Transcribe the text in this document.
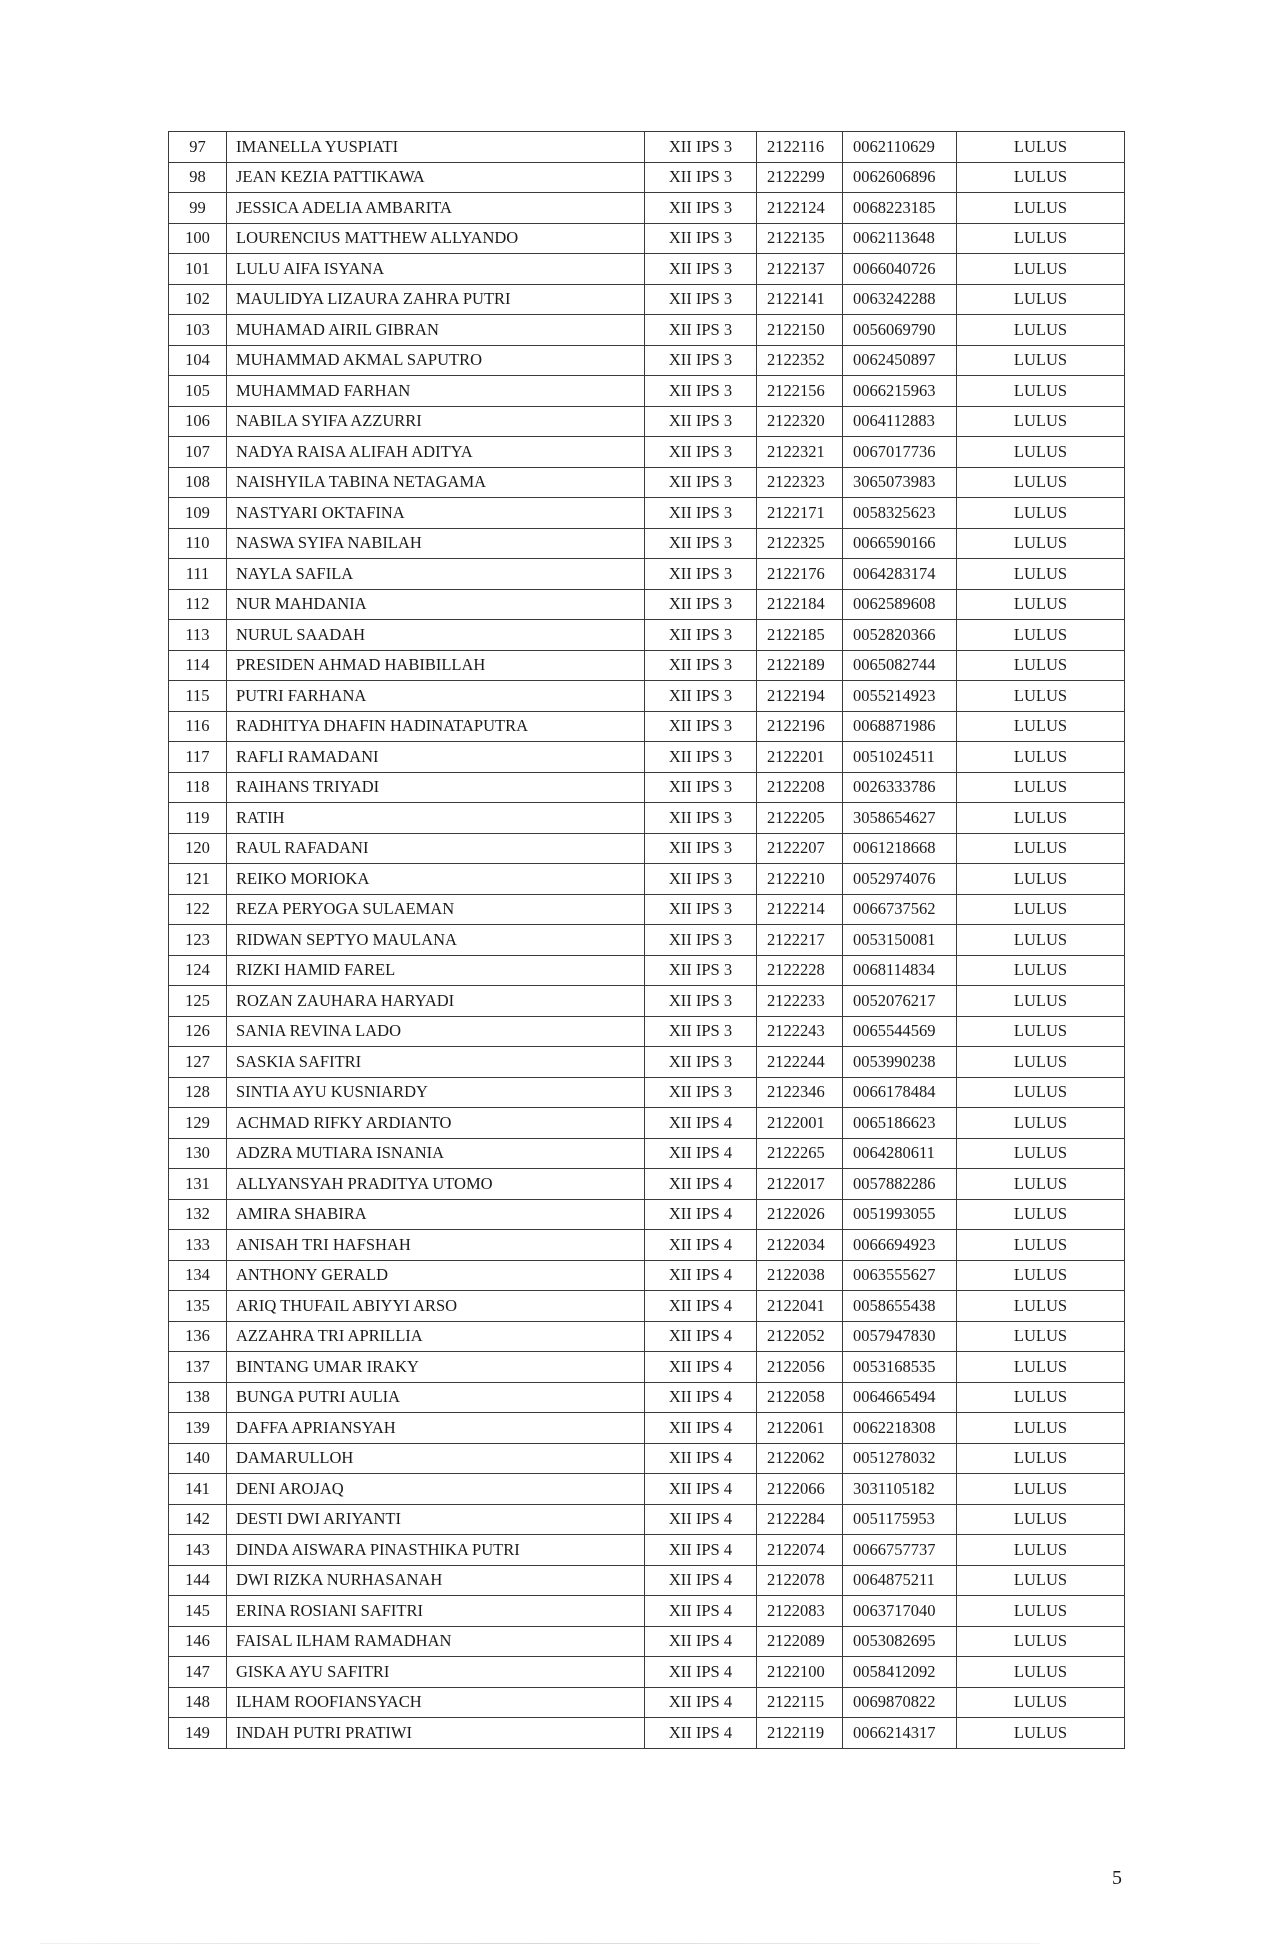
97	IMANELLA YUSPIATI	XII IPS 3	2122116	0062110629	LULUS
98	JEAN KEZIA PATTIKAWA	XII IPS 3	2122299	0062606896	LULUS
99	JESSICA ADELIA AMBARITA	XII IPS 3	2122124	0068223185	LULUS
100	LOURENCIUS MATTHEW ALLYANDO	XII IPS 3	2122135	0062113648	LULUS
101	LULU AIFA ISYANA	XII IPS 3	2122137	0066040726	LULUS
102	MAULIDYA LIZAURA ZAHRA PUTRI	XII IPS 3	2122141	0063242288	LULUS
103	MUHAMAD AIRIL GIBRAN	XII IPS 3	2122150	0056069790	LULUS
104	MUHAMMAD AKMAL SAPUTRO	XII IPS 3	2122352	0062450897	LULUS
105	MUHAMMAD FARHAN	XII IPS 3	2122156	0066215963	LULUS
106	NABILA SYIFA AZZURRI	XII IPS 3	2122320	0064112883	LULUS
107	NADYA RAISA ALIFAH ADITYA	XII IPS 3	2122321	0067017736	LULUS
108	NAISHYILA TABINA NETAGAMA	XII IPS 3	2122323	3065073983	LULUS
109	NASTYARI OKTAFINA	XII IPS 3	2122171	0058325623	LULUS
110	NASWA SYIFA NABILAH	XII IPS 3	2122325	0066590166	LULUS
111	NAYLA SAFILA	XII IPS 3	2122176	0064283174	LULUS
112	NUR MAHDANIA	XII IPS 3	2122184	0062589608	LULUS
113	NURUL SAADAH	XII IPS 3	2122185	0052820366	LULUS
114	PRESIDEN AHMAD HABIBILLAH	XII IPS 3	2122189	0065082744	LULUS
115	PUTRI FARHANA	XII IPS 3	2122194	0055214923	LULUS
116	RADHITYA DHAFIN HADINATAPUTRA	XII IPS 3	2122196	0068871986	LULUS
117	RAFLI RAMADANI	XII IPS 3	2122201	0051024511	LULUS
118	RAIHANS TRIYADI	XII IPS 3	2122208	0026333786	LULUS
119	RATIH	XII IPS 3	2122205	3058654627	LULUS
120	RAUL RAFADANI	XII IPS 3	2122207	0061218668	LULUS
121	REIKO MORIOKA	XII IPS 3	2122210	0052974076	LULUS
122	REZA PERYOGA SULAEMAN	XII IPS 3	2122214	0066737562	LULUS
123	RIDWAN SEPTYO MAULANA	XII IPS 3	2122217	0053150081	LULUS
124	RIZKI HAMID FAREL	XII IPS 3	2122228	0068114834	LULUS
125	ROZAN ZAUHARA HARYADI	XII IPS 3	2122233	0052076217	LULUS
126	SANIA REVINA LADO	XII IPS 3	2122243	0065544569	LULUS
127	SASKIA SAFITRI	XII IPS 3	2122244	0053990238	LULUS
128	SINTIA AYU KUSNIARDY	XII IPS 3	2122346	0066178484	LULUS
129	ACHMAD RIFKY ARDIANTO	XII IPS 4	2122001	0065186623	LULUS
130	ADZRA MUTIARA ISNANIA	XII IPS 4	2122265	0064280611	LULUS
131	ALLYANSYAH PRADITYA UTOMO	XII IPS 4	2122017	0057882286	LULUS
132	AMIRA SHABIRA	XII IPS 4	2122026	0051993055	LULUS
133	ANISAH TRI HAFSHAH	XII IPS 4	2122034	0066694923	LULUS
134	ANTHONY GERALD	XII IPS 4	2122038	0063555627	LULUS
135	ARIQ THUFAIL ABIYYI ARSO	XII IPS 4	2122041	0058655438	LULUS
136	AZZAHRA TRI APRILLIA	XII IPS 4	2122052	0057947830	LULUS
137	BINTANG UMAR IRAKY	XII IPS 4	2122056	0053168535	LULUS
138	BUNGA PUTRI AULIA	XII IPS 4	2122058	0064665494	LULUS
139	DAFFA APRIANSYAH	XII IPS 4	2122061	0062218308	LULUS
140	DAMARULLOH	XII IPS 4	2122062	0051278032	LULUS
141	DENI AROJAQ	XII IPS 4	2122066	3031105182	LULUS
142	DESTI DWI ARIYANTI	XII IPS 4	2122284	0051175953	LULUS
143	DINDA AISWARA PINASTHIKA PUTRI	XII IPS 4	2122074	0066757737	LULUS
144	DWI RIZKA NURHASANAH	XII IPS 4	2122078	0064875211	LULUS
145	ERINA ROSIANI SAFITRI	XII IPS 4	2122083	0063717040	LULUS
146	FAISAL ILHAM RAMADHAN	XII IPS 4	2122089	0053082695	LULUS
147	GISKA AYU SAFITRI	XII IPS 4	2122100	0058412092	LULUS
148	ILHAM ROOFIANSYACH	XII IPS 4	2122115	0069870822	LULUS
149	INDAH PUTRI PRATIWI	XII IPS 4	2122119	0066214317	LULUS
5
